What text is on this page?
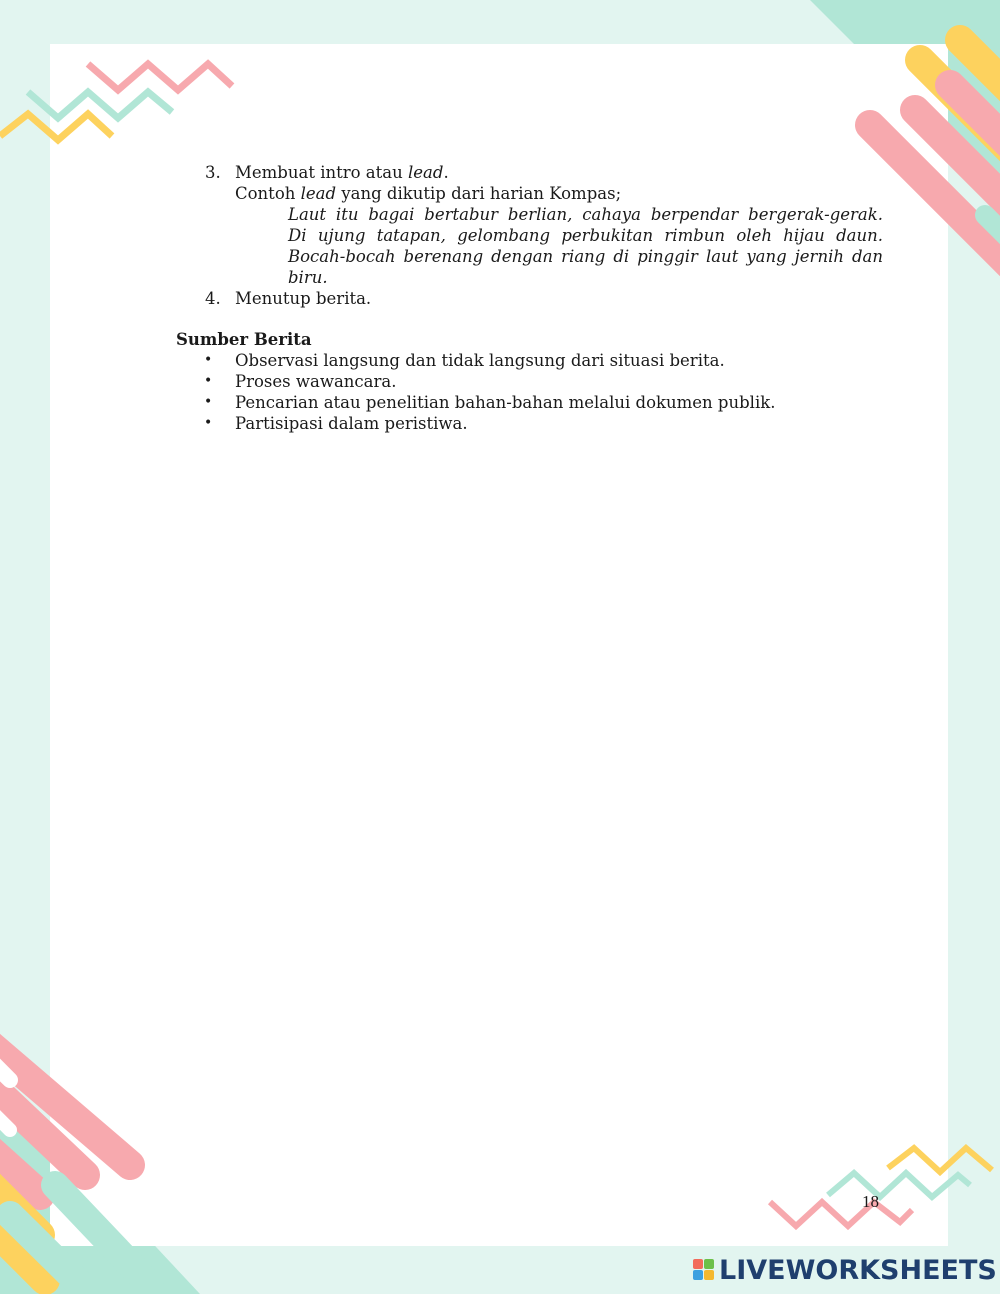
3. Membuat intro atau lead.
Contoh lead yang dikutip dari harian Kompas;
Laut itu bagai bertabur berlian, cahaya berpendar bergerak-gerak.
Di ujung tatapan, gelombang perbukitan rimbun oleh hijau daun.
Bocah-bocah berenang dengan riang di pinggir laut yang jernih dan
biru.
4. Menutup berita.
Sumber Berita
• Observasi langsung dan tidak langsung dari situasi berita.
• Proses wawancara.
• Pencarian atau penelitian bahan-bahan melalui dokumen publik.
• Partisipasi dalam peristiwa.
18
LIVEWORKSHEETS
